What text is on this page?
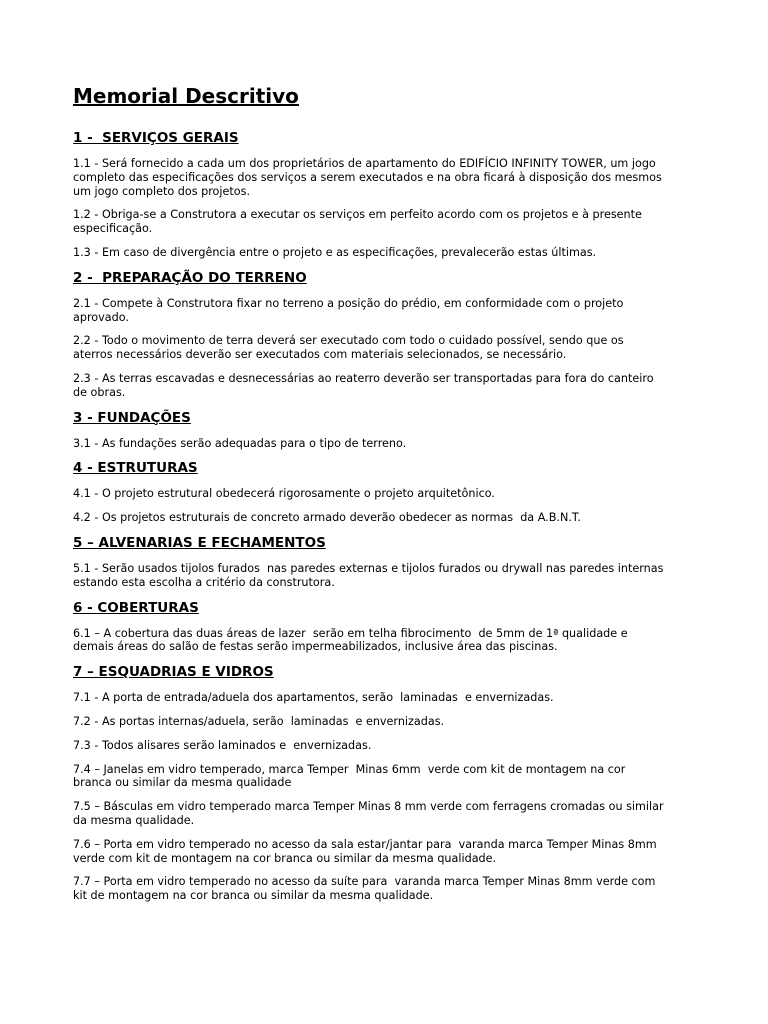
Memorial Descritivo
1 -  SERVIÇOS GERAIS

1.1 - Será fornecido a cada um dos proprietários de apartamento do EDIFÍCIO INFINITY TOWER, um jogo
completo das especificações dos serviços a serem executados e na obra ficará à disposição dos mesmos
um jogo completo dos projetos.

1.2 - Obriga-se a Construtora a executar os serviços em perfeito acordo com os projetos e à presente
especificação.

1.3 - Em caso de divergência entre o projeto e as especificações, prevalecerão estas últimas.

2 -  PREPARAÇÃO DO TERRENO

2.1 - Compete à Construtora fixar no terreno a posição do prédio, em conformidade com o projeto
aprovado.

2.2 - Todo o movimento de terra deverá ser executado com todo o cuidado possível, sendo que os
aterros necessários deverão ser executados com materiais selecionados, se necessário.

2.3 - As terras escavadas e desnecessárias ao reaterro deverão ser transportadas para fora do canteiro
de obras.

3 - FUNDAÇÕES

3.1 - As fundações serão adequadas para o tipo de terreno.

4 - ESTRUTURAS

4.1 - O projeto estrutural obedecerá rigorosamente o projeto arquitetônico.

4.2 - Os projetos estruturais de concreto armado deverão obedecer as normas  da A.B.N.T.

5 – ALVENARIAS E FECHAMENTOS

5.1 - Serão usados tijolos furados  nas paredes externas e tijolos furados ou drywall nas paredes internas
estando esta escolha a critério da construtora.

6 - COBERTURAS

6.1 – A cobertura das duas áreas de lazer  serão em telha fibrocimento  de 5mm de 1ª qualidade e
demais áreas do salão de festas serão impermeabilizados, inclusive área das piscinas.

7 – ESQUADRIAS E VIDROS

7.1 - A porta de entrada/aduela dos apartamentos, serão  laminadas  e envernizadas.

7.2 - As portas internas/aduela, serão  laminadas  e envernizadas.

7.3 - Todos alisares serão laminados e  envernizadas.

7.4 – Janelas em vidro temperado, marca Temper  Minas 6mm  verde com kit de montagem na cor
branca ou similar da mesma qualidade

7.5 – Básculas em vidro temperado marca Temper Minas 8 mm verde com ferragens cromadas ou similar
da mesma qualidade.

7.6 – Porta em vidro temperado no acesso da sala estar/jantar para  varanda marca Temper Minas 8mm
verde com kit de montagem na cor branca ou similar da mesma qualidade.

7.7 – Porta em vidro temperado no acesso da suíte para  varanda marca Temper Minas 8mm verde com
kit de montagem na cor branca ou similar da mesma qualidade.
